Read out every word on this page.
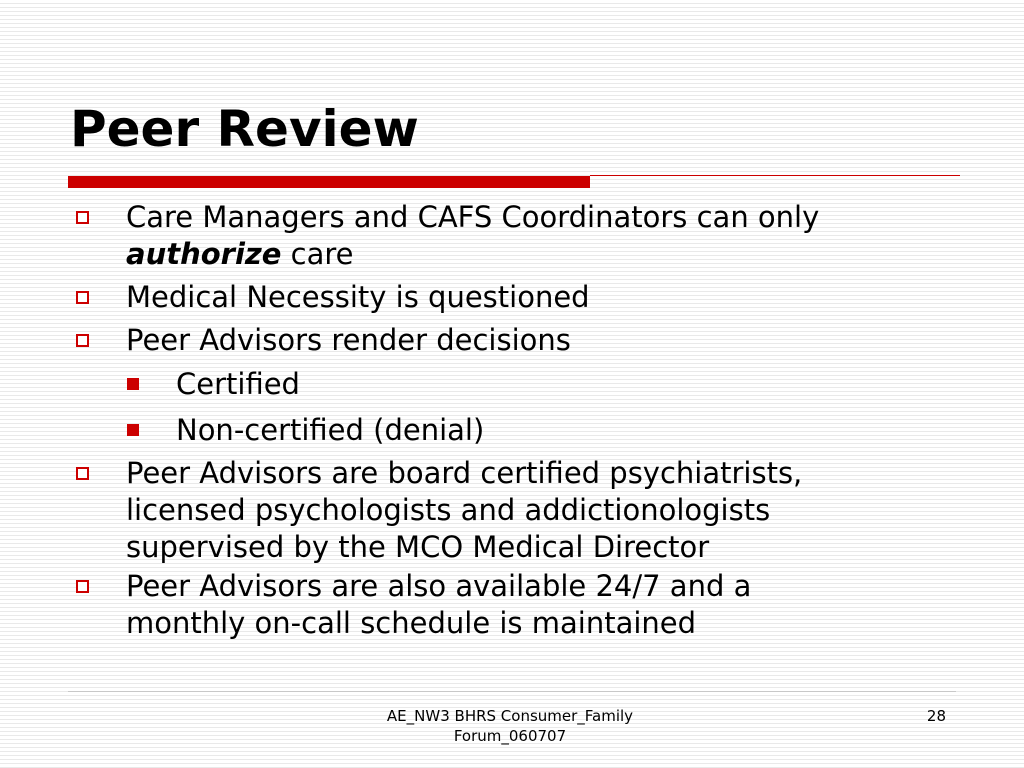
Peer Review
Care Managers and CAFS Coordinators can only
authorize care
Medical Necessity is questioned
Peer Advisors render decisions
Certified
Non-certified (denial)
Peer Advisors are board certified psychiatrists,
licensed psychologists and addictionologists
supervised by the MCO Medical Director
Peer Advisors are also available 24/7 and a
monthly on-call schedule is maintained
AE_NW3 BHRS Consumer_Family
Forum_060707
28
